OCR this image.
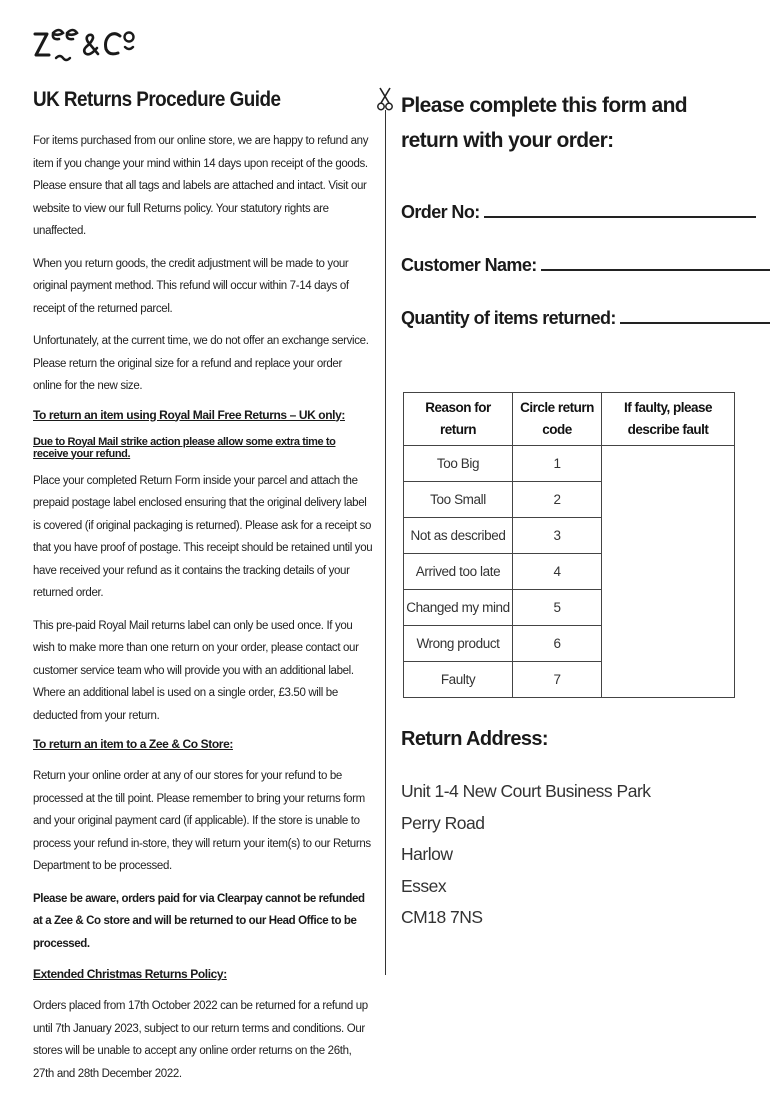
UK Returns Procedure Guide

For items purchased from our online store, we are happy to refund any item if you change your mind within 14 days upon receipt of the goods. Please ensure that all tags and labels are attached and intact. Visit our website to view our full Returns policy. Your statutory rights are unaffected.

When you return goods, the credit adjustment will be made to your original payment method. This refund will occur within 7-14 days of receipt of the returned parcel.

Unfortunately, at the current time, we do not offer an exchange service. Please return the original size for a refund and replace your order online for the new size.

To return an item using Royal Mail Free Returns – UK only:
Due to Royal Mail strike action please allow some extra time to receive your refund.

Place your completed Return Form inside your parcel and attach the prepaid postage label enclosed ensuring that the original delivery label is covered (if original packaging is returned). Please ask for a receipt so that you have proof of postage. This receipt should be retained until you have received your refund as it contains the tracking details of your returned order.

This pre-paid Royal Mail returns label can only be used once. If you wish to make more than one return on your order, please contact our customer service team who will provide you with an additional label. Where an additional label is used on a single order, £3.50 will be deducted from your return.

To return an item to a Zee & Co Store:

Return your online order at any of our stores for your refund to be processed at the till point. Please remember to bring your returns form and your original payment card (if applicable). If the store is unable to process your refund in-store, they will return your item(s) to our Returns Department to be processed.

Please be aware, orders paid for via Clearpay cannot be refunded at a Zee & Co store and will be returned to our Head Office to be processed.
Extended Christmas Returns Policy:

Orders placed from 17th October 2022 can be returned for a refund up until 7th January 2023, subject to our return terms and conditions. Our stores will be unable to accept any online order returns on the 26th, 27th and 28th December 2022.

Please complete this form and return with your order:
Order No:
Customer Name:
Quantity of items returned:
Reason for return	Circle return code	If faulty, please describe fault
Too Big	1	
Too Small	2	
Not as described	3	
Arrived too late	4	
Changed my mind	5	
Wrong product	6	
Faulty	7	
Return Address:
Unit 1-4 New Court Business Park
Perry Road
Harlow
Essex
CM18 7NS
